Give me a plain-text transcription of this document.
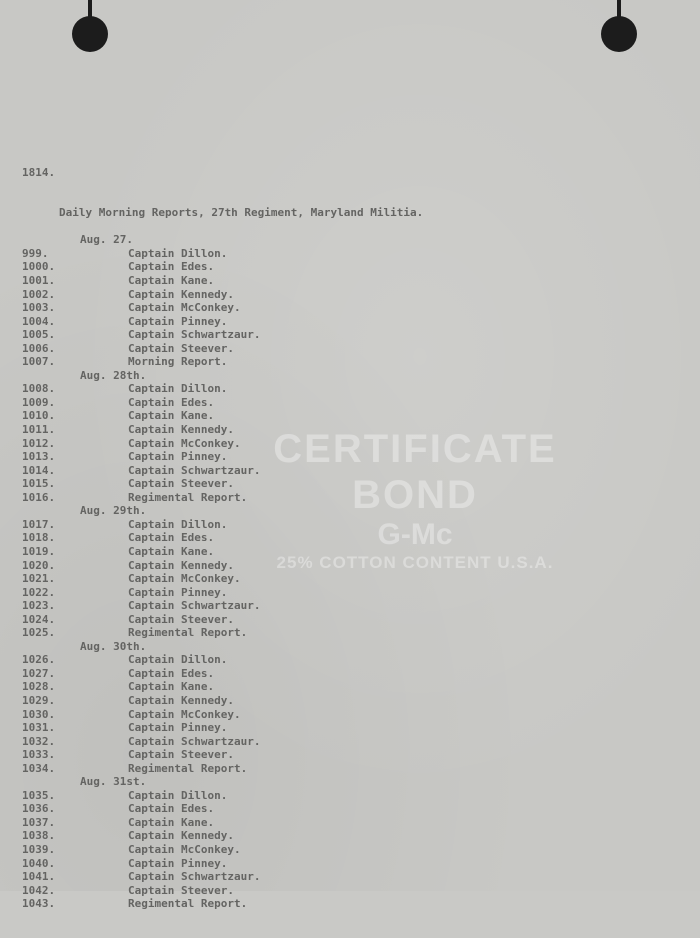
CERTIFICATE BOND
G-Mc
25% COTTON CONTENT U.S.A.

1814.

Daily Morning Reports, 27th Regiment, Maryland Militia.

Aug. 27.
999.	Captain Dillon.
1000.	Captain Edes.
1001.	Captain Kane.
1002.	Captain Kennedy.
1003.	Captain McConkey.
1004.	Captain Pinney.
1005.	Captain Schwartzaur.
1006.	Captain Steever.
1007.	Morning Report.
Aug. 28th.
1008.	Captain Dillon.
1009.	Captain Edes.
1010.	Captain Kane.
1011.	Captain Kennedy.
1012.	Captain McConkey.
1013.	Captain Pinney.
1014.	Captain Schwartzaur.
1015.	Captain Steever.
1016.	Regimental Report.
Aug. 29th.
1017.	Captain Dillon.
1018.	Captain Edes.
1019.	Captain Kane.
1020.	Captain Kennedy.
1021.	Captain McConkey.
1022.	Captain Pinney.
1023.	Captain Schwartzaur.
1024.	Captain Steever.
1025.	Regimental Report.
Aug. 30th.
1026.	Captain Dillon.
1027.	Captain Edes.
1028.	Captain Kane.
1029.	Captain Kennedy.
1030.	Captain McConkey.
1031.	Captain Pinney.
1032.	Captain Schwartzaur.
1033.	Captain Steever.
1034.	Regimental Report.
Aug. 31st.
1035.	Captain Dillon.
1036.	Captain Edes.
1037.	Captain Kane.
1038.	Captain Kennedy.
1039.	Captain McConkey.
1040.	Captain Pinney.
1041.	Captain Schwartzaur.
1042.	Captain Steever.
1043.	Regimental Report.
